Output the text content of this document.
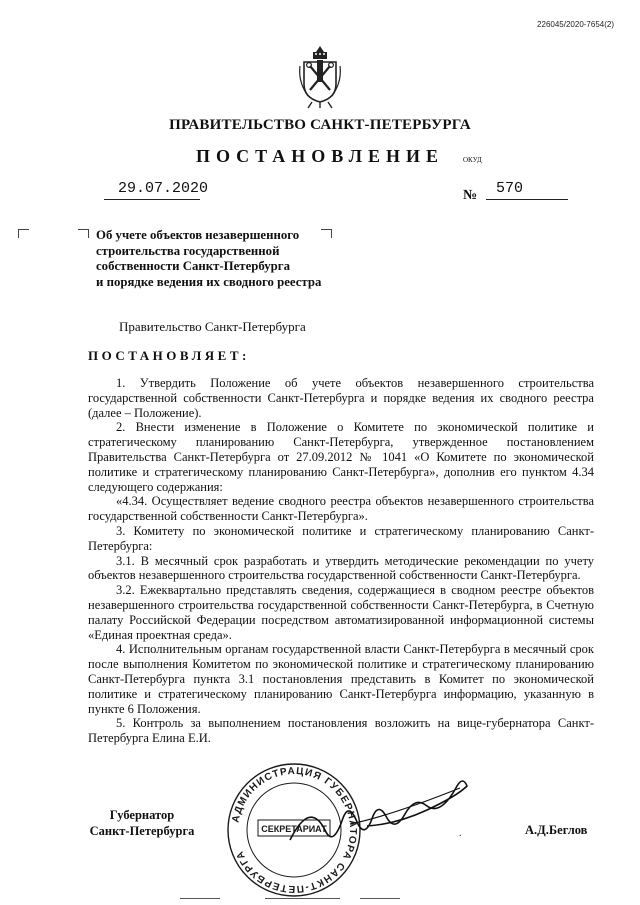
226045/2020-7654(2)
ПРАВИТЕЛЬСТВО САНКТ-ПЕТЕРБУРГА
ПОСТАНОВЛЕНИЕ	ОКУД
29.07.2020	№ 570
Об учете объектов незавершенного
строительства государственной
собственности Санкт-Петербурга
и порядке ведения их сводного реестра
Правительство Санкт-Петербурга
ПОСТАНОВЛЯЕТ:

1. Утвердить Положение об учете объектов незавершенного строительства государственной собственности Санкт-Петербурга и порядке ведения их сводного реестра (далее – Положение).

2. Внести изменение в Положение о Комитете по экономической политике и стратегическому планированию Санкт-Петербурга, утвержденное постановлением Правительства Санкт-Петербурга от 27.09.2012 № 1041 «О Комитете по экономической политике и стратегическому планированию Санкт-Петербурга», дополнив его пунктом 4.34 следующего содержания:

«4.34. Осуществляет ведение сводного реестра объектов незавершенного строительства государственной собственности Санкт-Петербурга».

3. Комитету по экономической политике и стратегическому планированию Санкт-Петербурга:

3.1. В месячный срок разработать и утвердить методические рекомендации по учету объектов незавершенного строительства государственной собственности Санкт-Петербурга.

3.2. Ежеквартально представлять сведения, содержащиеся в сводном реестре объектов незавершенного строительства государственной собственности Санкт-Петербурга, в Счетную палату Российской Федерации посредством автоматизированной информационной системы «Единая проектная среда».

4. Исполнительным органам государственной власти Санкт-Петербурга в месячный срок после выполнения Комитетом по экономической политике и стратегическому планированию Санкт-Петербурга пункта 3.1 постановления представить в Комитет по экономической политике и стратегическому планированию Санкт-Петербурга информацию, указанную в пункте 6 Положения.

5. Контроль за выполнением постановления возложить на вице-губернатора Санкт-Петербурга Елина Е.И.

АДМИНИСТРАЦИЯ ГУБЕРНАТОРА САНКТ-ПЕТЕРБУРГА
СЕКРЕТАРИАТ
Губернатор
Санкт-Петербурга	.	А.Д.Беглов
